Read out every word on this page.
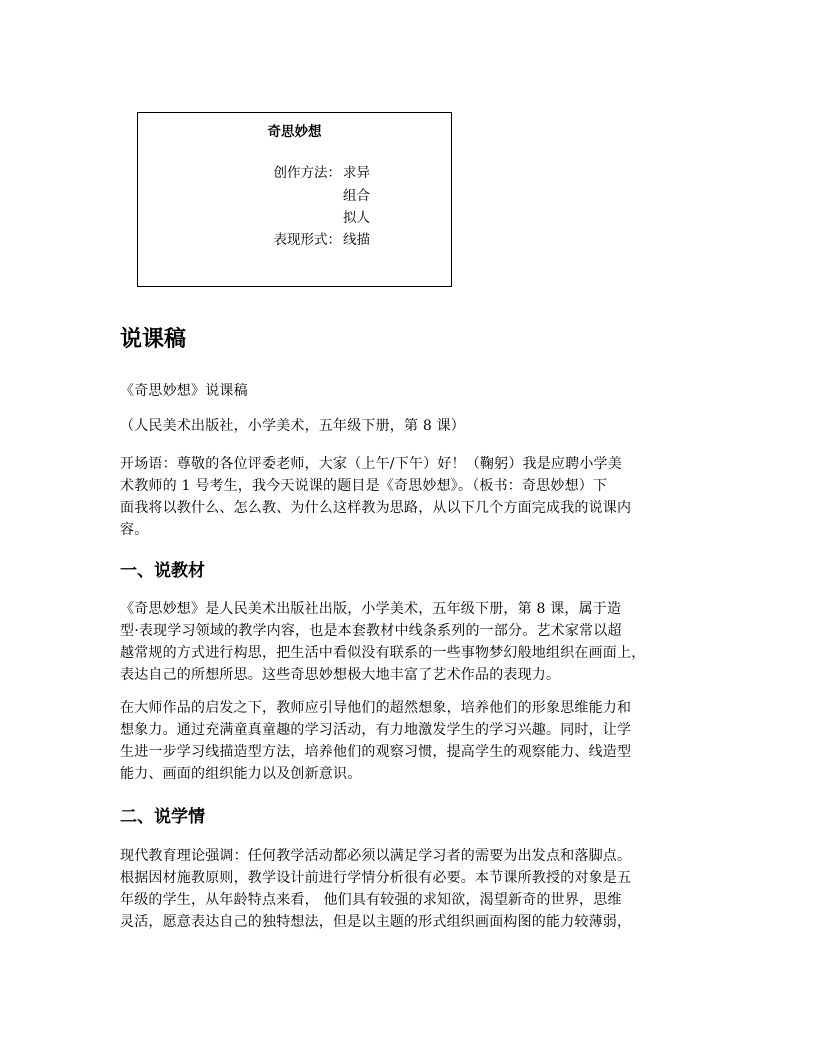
奇思妙想
创作方法： 求异
组合
拟人
表现形式： 线描
说课稿
《奇思妙想》说课稿
（人民美术出版社，小学美术，五年级下册，第 8 课）
开场语：尊敬的各位评委老师，大家（上午/下午）好！（鞠躬）我是应聘小学美
术教师的 1 号考生，我今天说课的题目是《奇思妙想》。（板书：奇思妙想）下
面我将以教什么、怎么教、为什么这样教为思路，从以下几个方面完成我的说课内
容。
一、说教材
《奇思妙想》是人民美术出版社出版，小学美术，五年级下册，第 8 课，属于造
型·表现学习领域的教学内容，也是本套教材中线条系列的一部分。艺术家常以超
越常规的方式进行构思，把生活中看似没有联系的一些事物梦幻般地组织在画面上，
表达自己的所想所思。这些奇思妙想极大地丰富了艺术作品的表现力。
在大师作品的启发之下，教师应引导他们的超然想象，培养他们的形象思维能力和
想象力。通过充满童真童趣的学习活动，有力地激发学生的学习兴趣。同时，让学
生进一步学习线描造型方法，培养他们的观察习惯，提高学生的观察能力、线造型
能力、画面的组织能力以及创新意识。
二、说学情
现代教育理论强调：任何教学活动都必须以满足学习者的需要为出发点和落脚点。
根据因材施教原则，教学设计前进行学情分析很有必要。本节课所教授的对象是五
年级的学生，从年龄特点来看， 他们具有较强的求知欲，渴望新奇的世界，思维
灵活，愿意表达自己的独特想法，但是以主题的形式组织画面构图的能力较薄弱，
